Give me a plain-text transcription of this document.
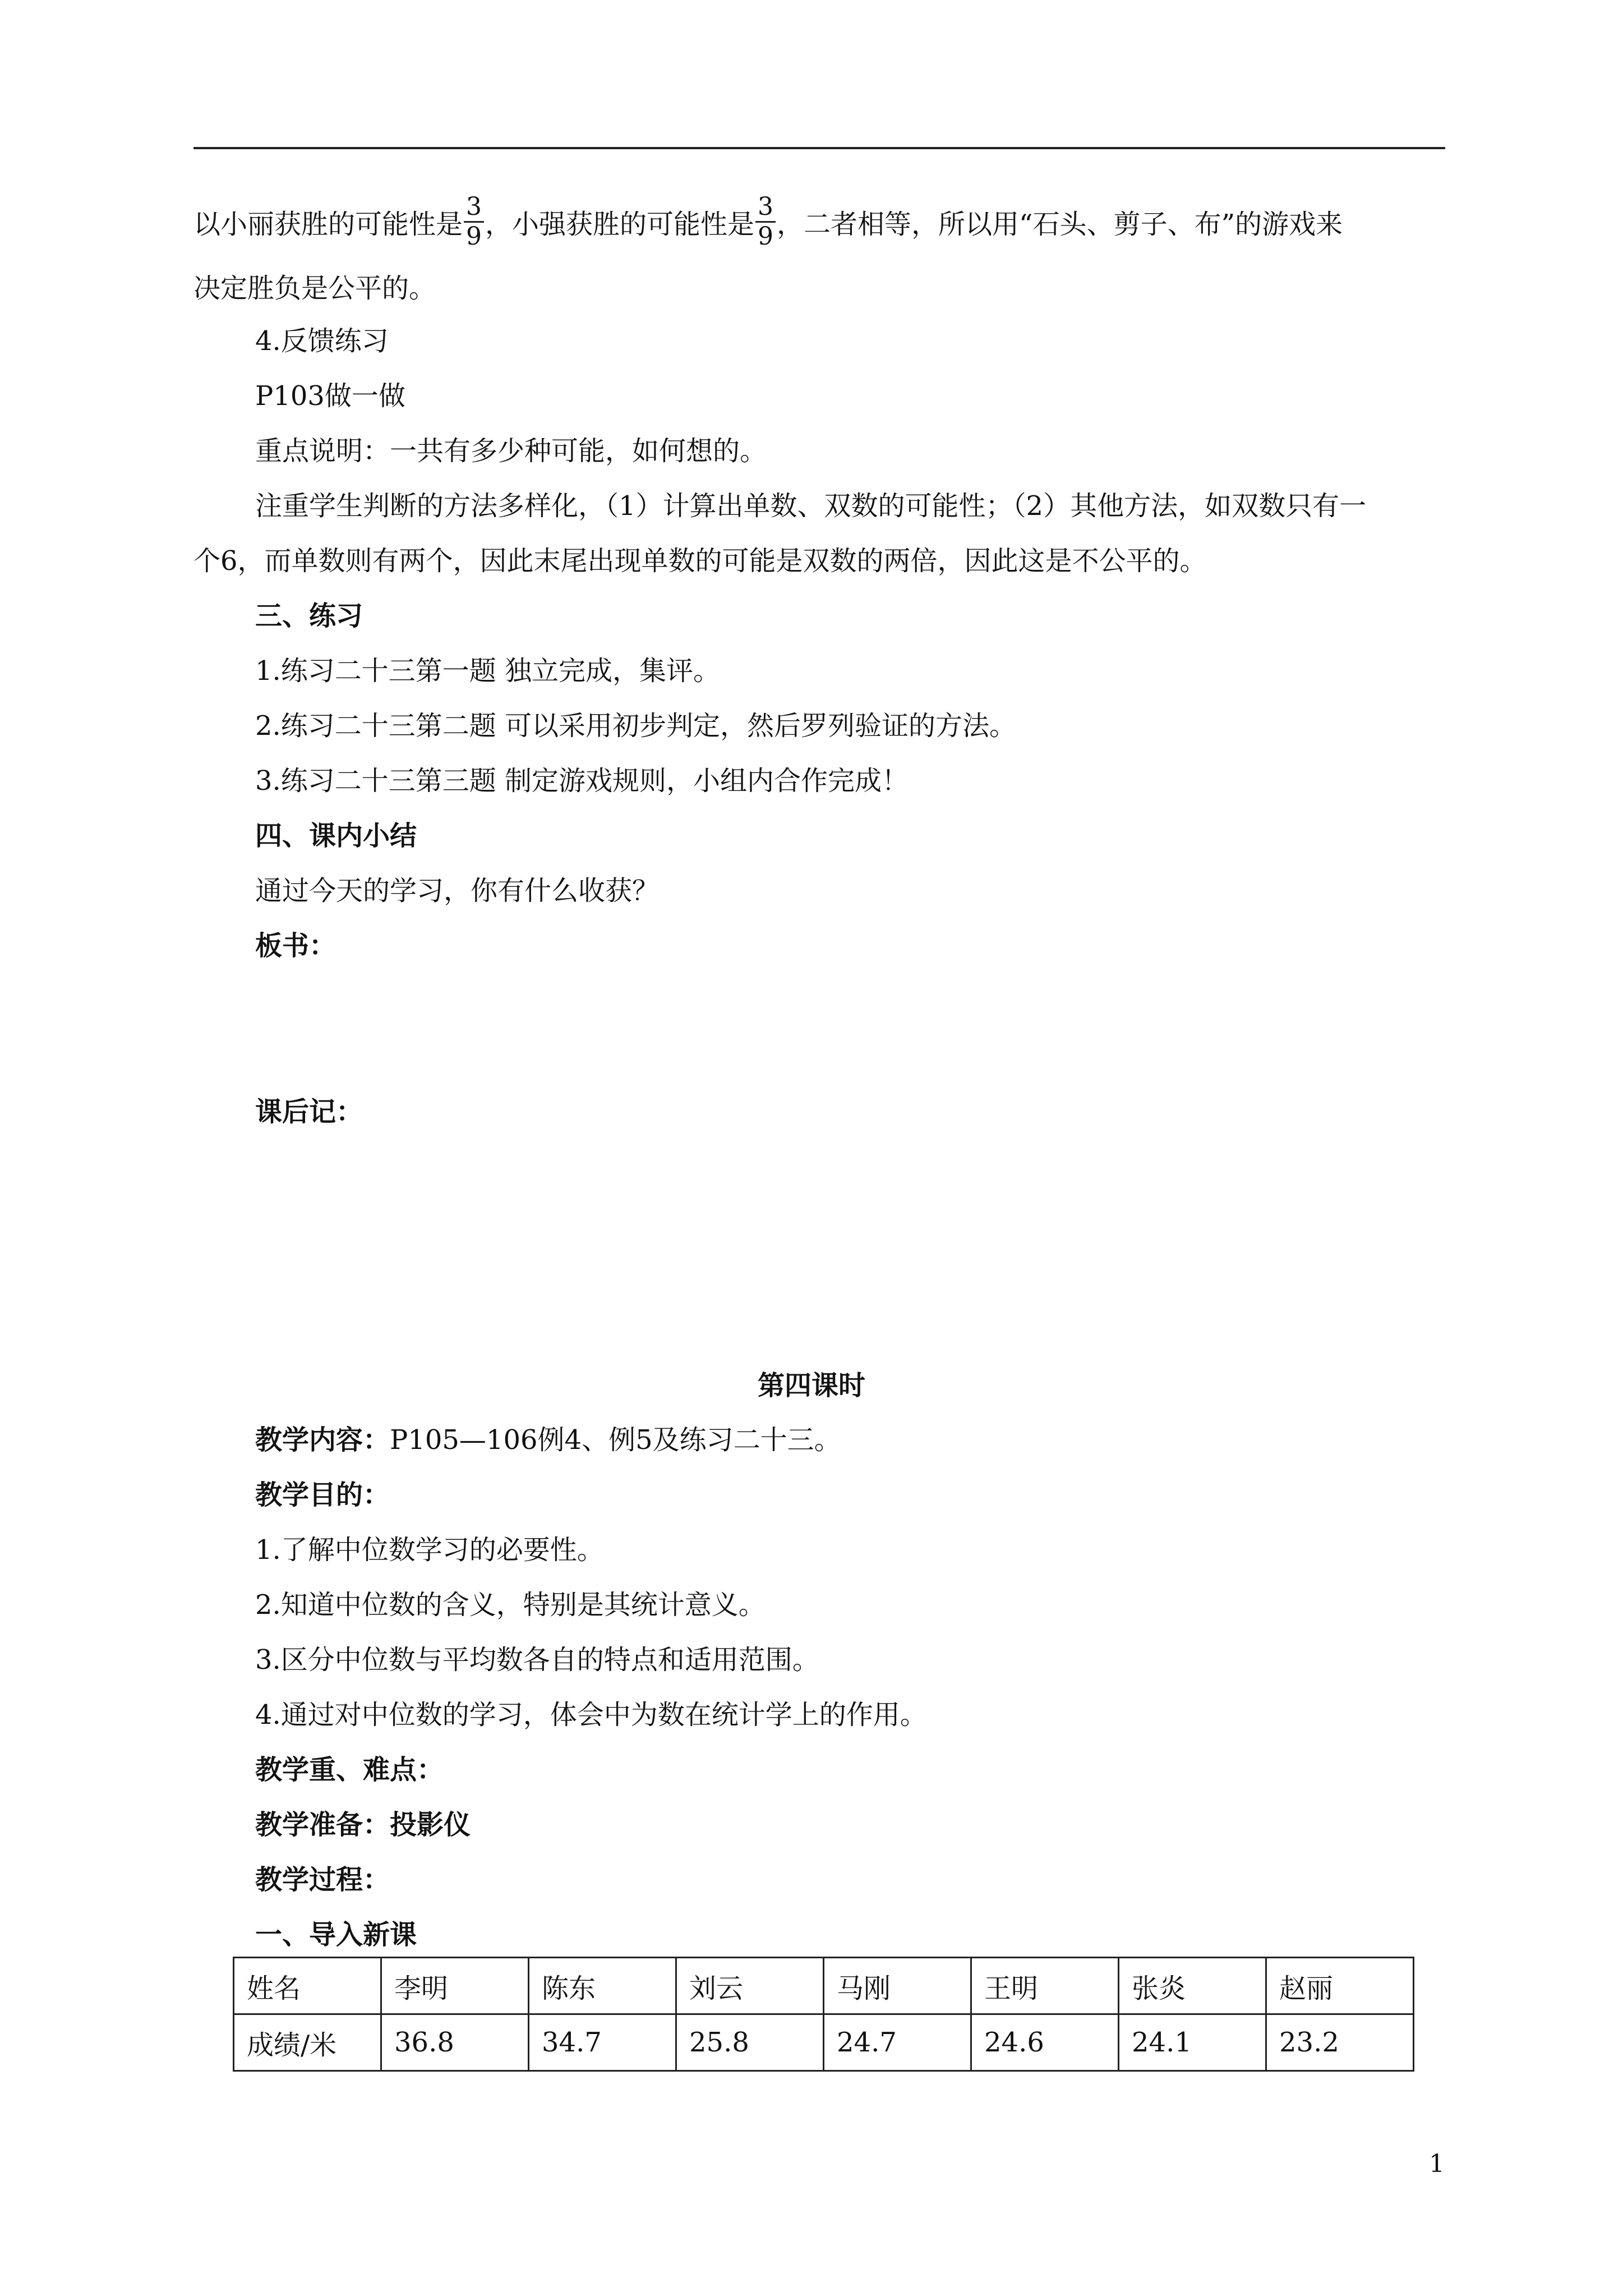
以小丽获胜的可能性是 $\frac{3}{9}$ ，小强获胜的可能性是 $\frac{3}{9}$ ，二者相等，所以用“石头、剪子、布”的游戏来
决定胜负是公平的。
4.反馈练习
P103做一做
重点说明：一共有多少种可能，如何想的。
注重学生判断的方法多样化，（1）计算出单数、双数的可能性；（2）其他方法，如双数只有一
个6，而单数则有两个，因此末尾出现单数的可能是双数的两倍，因此这是不公平的。
三、练习
1.练习二十三第一题 独立完成，集评。
2.练习二十三第二题 可以采用初步判定，然后罗列验证的方法。
3.练习二十三第三题 制定游戏规则，小组内合作完成！
四、课内小结
通过今天的学习，你有什么收获？
板书：
课后记：
第四课时
教学内容：P105—106例4、例5及练习二十三。
教学目的：
1.了解中位数学习的必要性。
2.知道中位数的含义，特别是其统计意义。
3.区分中位数与平均数各自的特点和适用范围。
4.通过对中位数的学习，体会中为数在统计学上的作用。
教学重、难点：
教学准备：投影仪
教学过程：
一、导入新课
姓名	李明	陈东	刘云	马刚	王明	张炎	赵丽
成绩/米	36.8	34.7	25.8	24.7	24.6	24.1	23.2
1
